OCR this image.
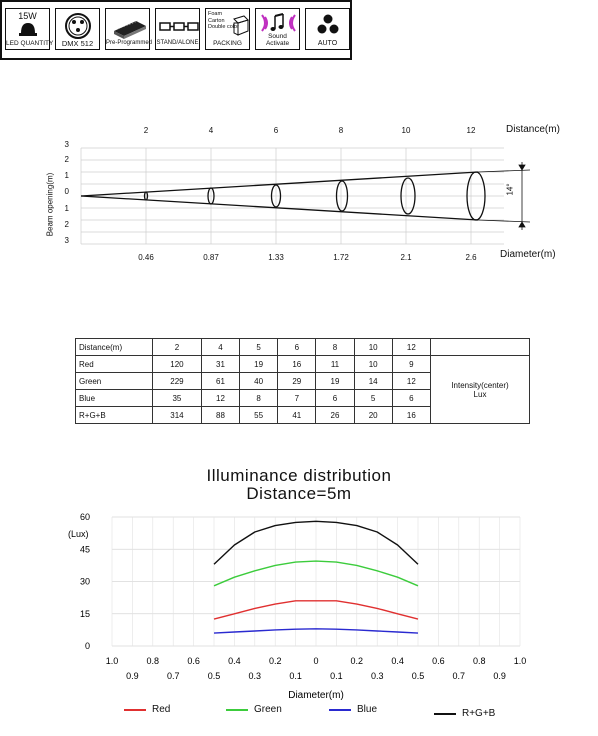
15W
LED QUANTITY	DMX 512	Pre-Programmed STAND/ALONE
Foam
Carton
Double color
PACKING
Sound
Activate	AUTO
14°
2	4	6	8	10	12	Distance(m)
3
2
1
0
1
2
3
Beam opening(m)
0.46	0.87	1.33	1.72	2.1	2.6	Diameter(m)
Distance(m)	2	4	5	6	8	10	12	
Red	120	31	19	16	11	10	9	Intensity(center)
Lux

Green	229	61	40	29	19	14	12	
Blue	35	12	8	7	6	5	6	
R+G+B	314	88	55	41	26	20	16	
Illuminance distribution
Distance=5m
60
45
30
15
0
(Lux)
1.0	0.8	0.6	0.4	0.2	0	0.2	0.4	0.6	0.8	1.0
0.9	0.7	0.5	0.3	0.1	0.1	0.3	0.5	0.7	0.9
Diameter(m)
Red	Green	Blue	R+G+B
